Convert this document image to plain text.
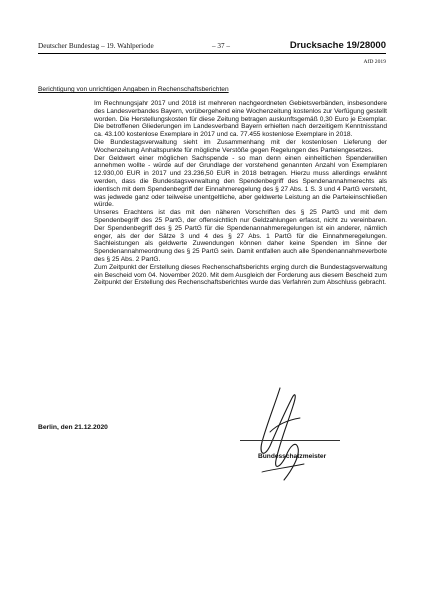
Deutscher Bundestag – 19. Wahlperiode	– 37 –	Drucksache 19/28000
AfD 2019
Berichtigung von unrichtigen Angaben in Rechenschaftsberichten

Im Rechnungsjahr 2017 und 2018 ist mehreren nachgeordneten Gebietsverbänden, insbesondere des Landesverbandes Bayern, vorübergehend eine Wochenzeitung kostenlos zur Verfügung gestellt worden. Die Herstellungskosten für diese Zeitung betragen auskunftsgemäß 0,30 Euro je Exemplar. Die betroffenen Gliederungen im Landesverband Bayern erhielten nach derzeitigem Kenntnisstand ca. 43.100 kostenlose Exemplare in 2017 und ca. 77.455 kostenlose Exemplare in 2018.

Die Bundestagsverwaltung sieht im Zusammenhang mit der kostenlosen Lieferung der Wochenzeitung Anhaltspunkte für mögliche Verstöße gegen Regelungen des Parteiengesetzes.

Der Geldwert einer möglichen Sachspende - so man denn einen einheitlichen Spenderwillen annehmen wollte - würde auf der Grundlage der vorstehend genannten Anzahl von Exemplaren 12.930,00 EUR in 2017 und 23.236,50 EUR in 2018 betragen. Hierzu muss allerdings erwähnt werden, dass die Bundestagsverwaltung den Spendenbegriff des Spendenannahmerechts als identisch mit dem Spendenbegriff der Einnahmeregelung des § 27 Abs. 1 S. 3 und 4 PartG versteht, was jedwede ganz oder teilweise unentgeltliche, aber geldwerte Leistung an die Parteieinschließen würde.

Unseres Erachtens ist das mit den näheren Vorschriften des § 25 PartG und mit dem Spendenbegriff des 25 PartG, der offensichtlich nur Geldzahlungen erfasst, nicht zu vereinbaren. Der Spendenbegriff des § 25 PartG für die Spendenannahmeregelungen ist ein anderer, nämlich enger, als der der Sätze 3 und 4 des § 27 Abs. 1 PartG für die Einnahmeregelungen. Sachleistungen als geldwerte Zuwendungen können daher keine Spenden im Sinne der Spendenannahmeordnung des § 25 PartG sein. Damit entfallen auch alle Spendenannahmeverbote des § 25 Abs. 2 PartG.

Zum Zeitpunkt der Erstellung dieses Rechenschaftsberichts erging durch die Bundestagsverwaltung ein Bescheid vom 04. November 2020. Mit dem Ausgleich der Forderung aus diesem Bescheid zum Zeitpunkt der Erstellung des Rechenschaftsberichtes wurde das Verfahren zum Abschluss gebracht.

Berlin, den 21.12.2020
Bundesschatzmeister
